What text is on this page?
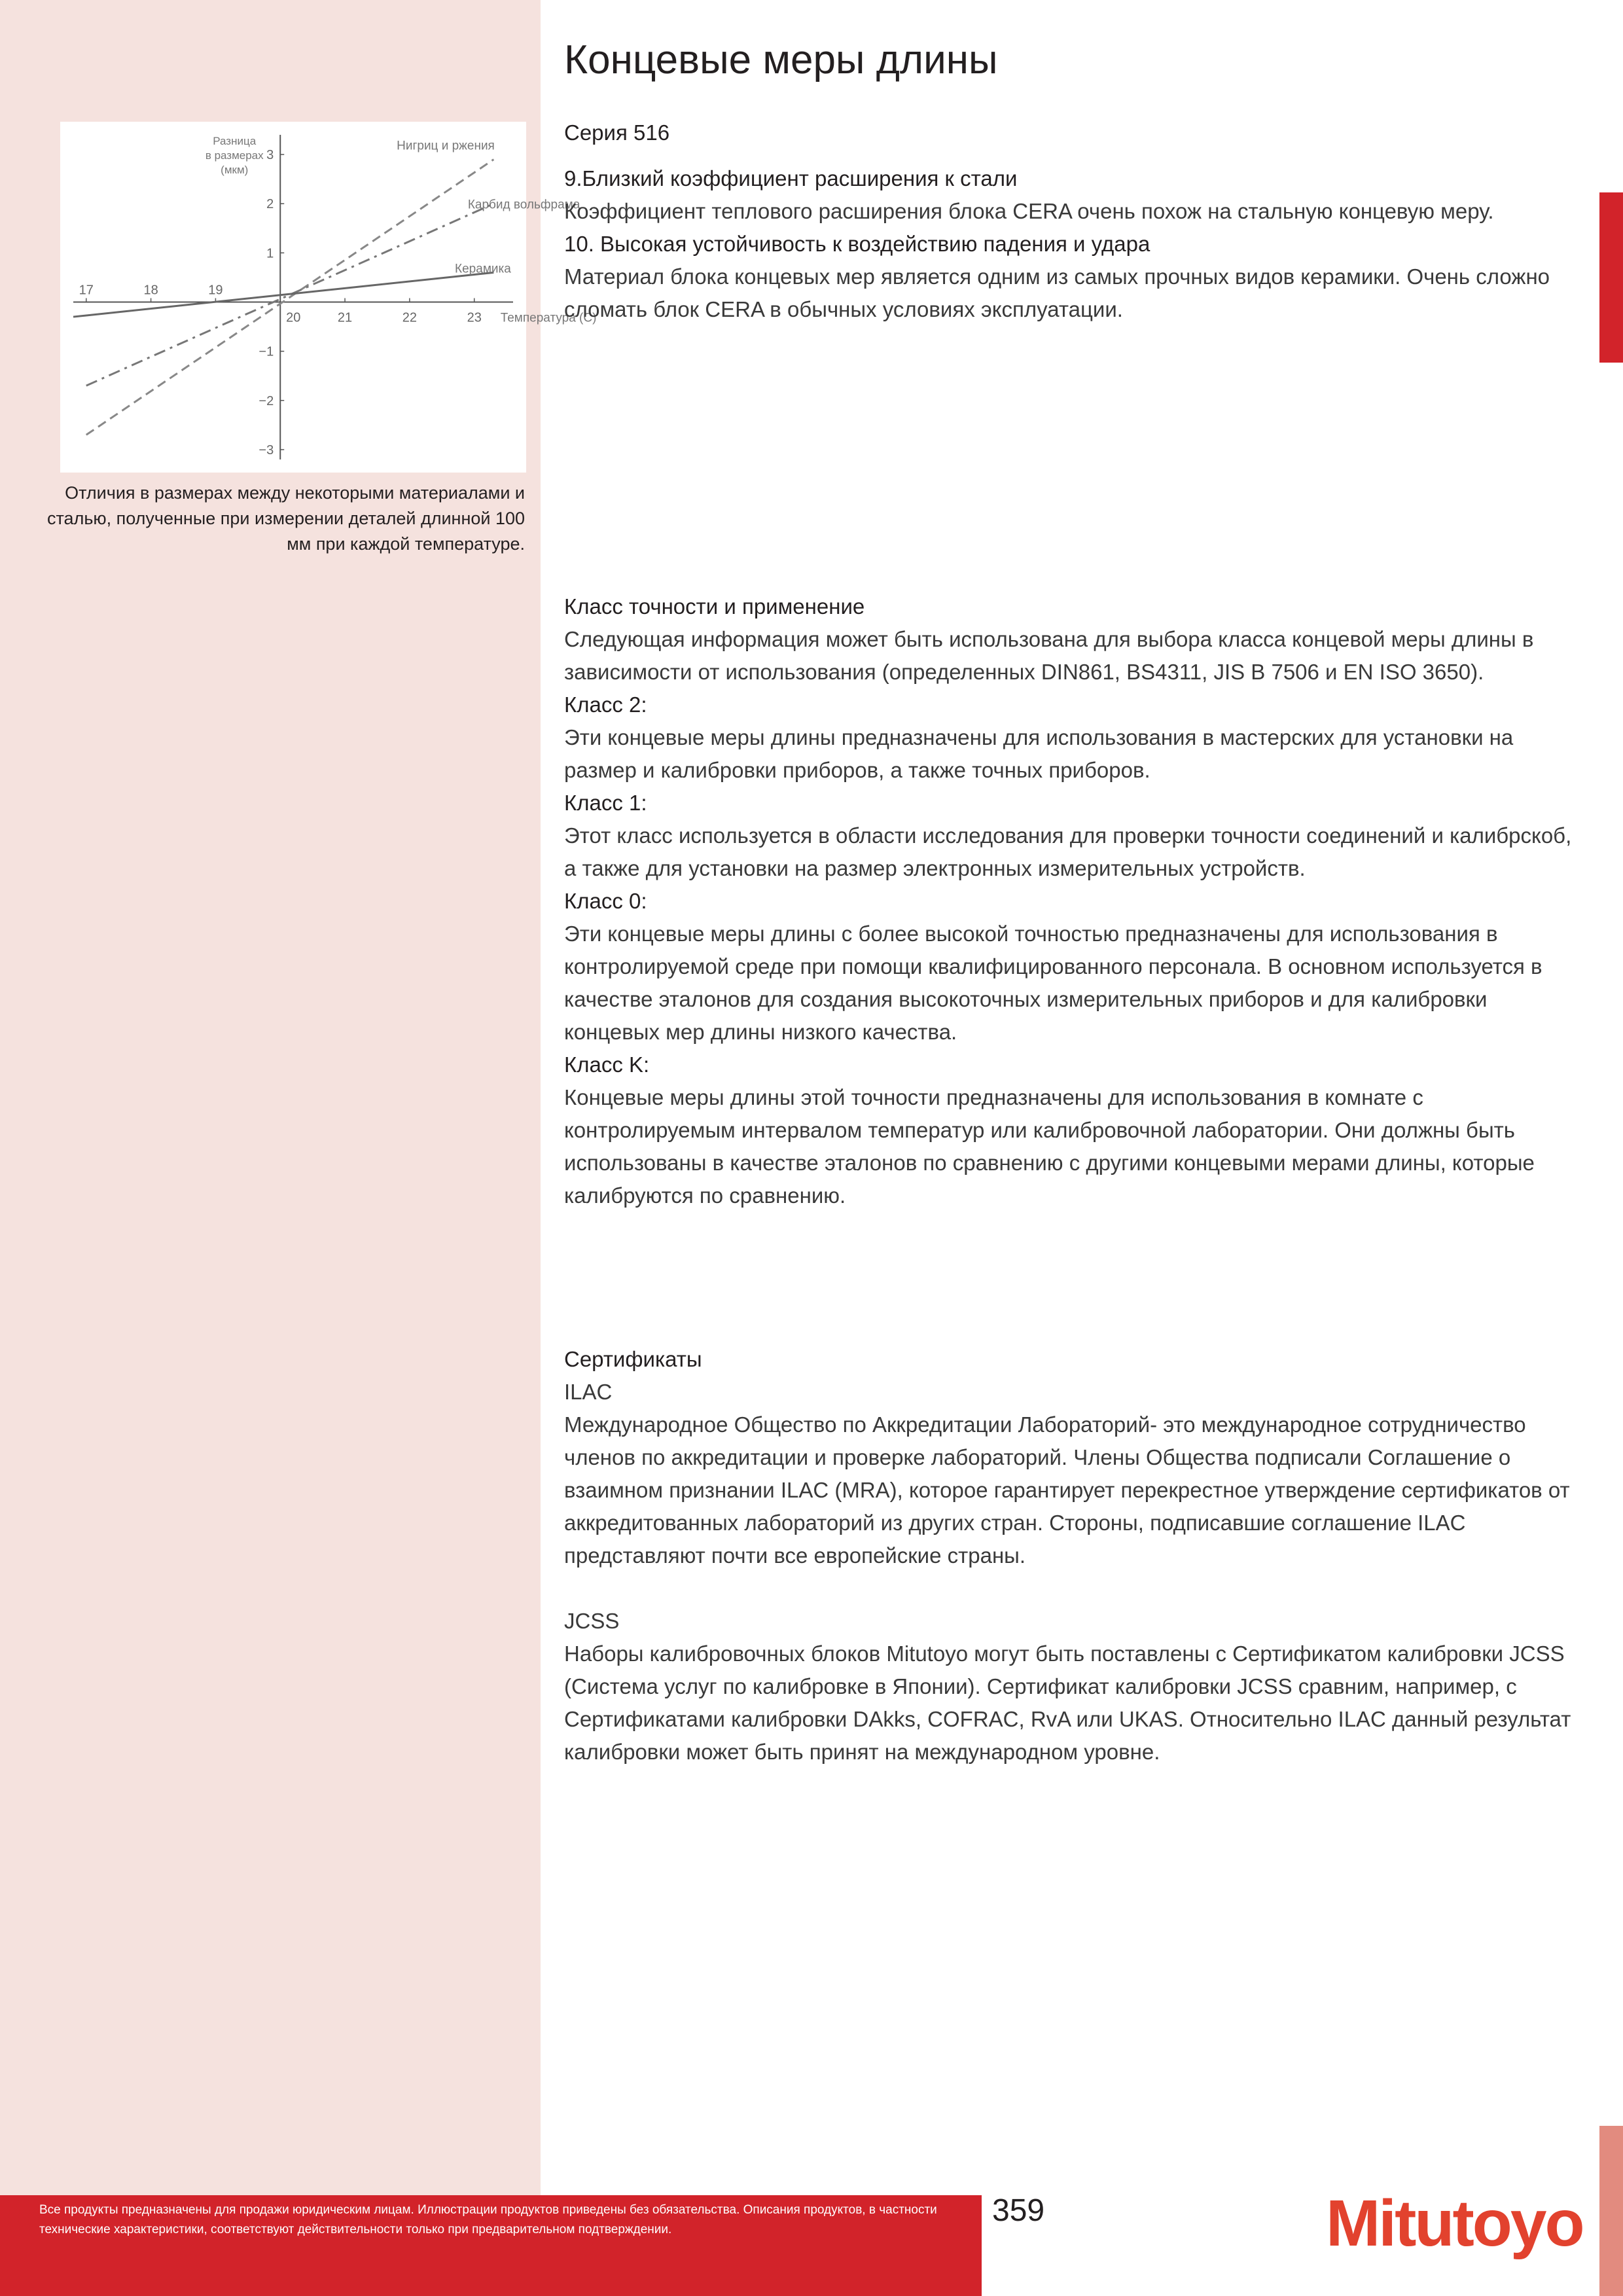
17	18	19
20	21	22	23
3
2
1
−1
−2
−3
Разница в размерах (мкм)
Температура (C)
Нигриц и ржения
Карбид вольфрама
Керамика
Отличия в размерах между некоторыми материалами и сталью, полученные при измерении деталей длинной 100 мм при каждой температуре.
Концевые меры длины

Серия 516

9.Близкий коэффициент расширения к стали

Коэффициент теплового расширения блока CERA очень похож на стальную концевую меру.

10. Высокая устойчивость к воздействию падения и удара

Материал блока концевых мер является одним из самых прочных видов керамики. Очень сложно сломать блок CERA в обычных условиях эксплуатации.

Класс точности и применение

Следующая информация может быть использована для выбора класса концевой меры длины в зависимости от использования (определенных DIN861, BS4311, JIS B 7506 и EN ISO 3650).

Класс 2:

Эти концевые меры длины предназначены для использования в мастерских для установки на размер и калибровки приборов, а также точных приборов.

Класс 1:

Этот класс используется в области исследования для проверки точности соединений и калибрскоб, а также для установки на размер электронных измерительных устройств.

Класс 0:

Эти концевые меры длины с более высокой точностью предназначены для использования в контролируемой среде при помощи квалифицированного персонала. В основном используется в качестве эталонов для создания высокоточных измерительных приборов и для калибровки концевых мер длины низкого качества.

Класс K:

Концевые меры длины этой точности предназначены для использования в комнате с контролируемым интервалом температур или калибровочной лаборатории. Они должны быть использованы в качестве эталонов по сравнению с другими концевыми мерами длины, которые калибруются по сравнению.

Сертификаты

ILAC

Международное Общество по Аккредитации Лабораторий- это международное сотрудничество членов по аккредитации и проверке лабораторий. Члены Общества подписали Соглашение о взаимном признании ILAC (MRA), которое гарантирует перекрестное утверждение сертификатов от аккредитованных лабораторий из других стран. Стороны, подписавшие соглашение ILAC представляют почти все европейские страны.

JCSS

Наборы калибровочных блоков Mitutoyo могут быть поставлены с Сертификатом калибровки JCSS (Система услуг по калибровке в Японии). Сертификат калибровки JCSS сравним, например, с Сертификатами калибровки DAkks, COFRAC, RvA или UKAS. Относительно ILAC данный результат калибровки может быть принят на международном уровне.

Все продукты предназначены для продажи юридическим лицам. Иллюстрации продуктов приведены без обязательства. Описания продуктов, в частности технические характеристики, соответствуют действительности только при предварительном подтверждении.
359	Mitutoyo
